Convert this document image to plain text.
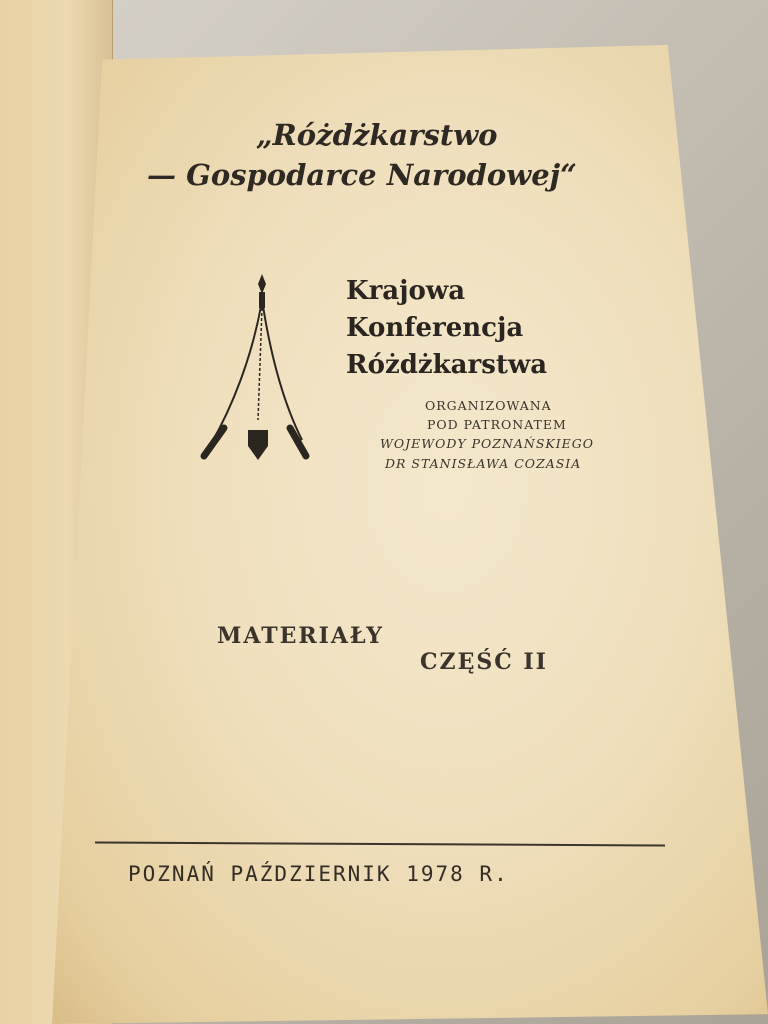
„Różdżkarstwo

— Gospodarce Narodowej“

Krajowa

Konferencja

Różdżkarstwa

ORGANIZOWANA

POD PATRONATEM

WOJEWODY POZNAŃSKIEGO

DR STANISŁAWA COZASIA

MATERIAŁY

CZĘŚĆ II

POZNAŃ PAŹDZIERNIK 1978 R.
